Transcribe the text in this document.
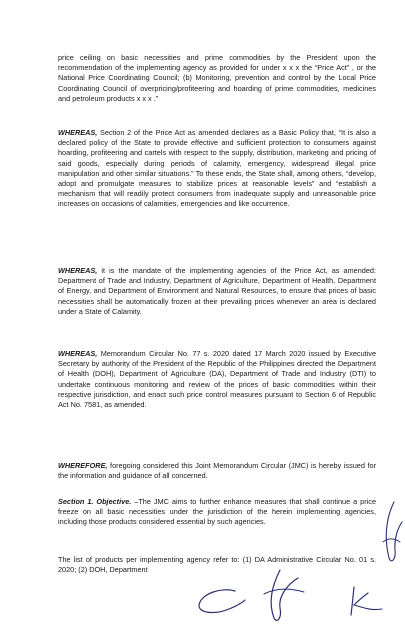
price ceiling on basic necessities and prime commodities by the President upon the recommendation of the implementing agency as provided for under x x x the “Price Act” , or the National Price Coordinating Council; (b) Monitoring, prevention and control by the Local Price Coordinating Council of overpricing/profiteering and hoarding of prime commodities, medicines and petroleum products x x x .”

WHEREAS, Section 2 of the Price Act as amended declares as a Basic Policy that, “It is also a declared policy of the State to provide effective and sufficient protection to consumers against hoarding, profiteering and cartels with respect to the supply, distribution, marketing and pricing of said goods, especially during periods of calamity, emergency, widespread illegal price manipulation and other similar situations.” To these ends, the State shall, among others, “develop, adopt and promulgate measures to stabilize prices at reasonable levels” and “establish a mechanism that will readily protect consumers from inadequate supply and unreasonable price increases on occasions of calamities, emergencies and like occurrence.

WHEREAS, it is the mandate of the implementing agencies of the Price Act, as amended: Department of Trade and Industry, Department of Agriculture, Department of Health, Department of Energy, and Department of Environment and Natural Resources, to ensure that prices of basic necessities shall be automatically frozen at their prevailing prices whenever an area is declared under a State of Calamity.

WHEREAS, Memorandum Circular No. 77 s. 2020 dated 17 March 2020 issued by Executive Secretary by authority of the President of the Republic of the Philippines directed the Department of Health (DOH), Department of Agriculture (DA), Department of Trade and Industry (DTI) to undertake continuous monitoring and review of the prices of basic commodities within their respective jurisdiction, and enact such price control measures pursuant to Section 6 of Republic Act No. 7581, as amended.

WHEREFORE, foregoing considered this Joint Memorandum Circular (JMC) is hereby issued for the information and guidance of all concerned.

Section 1. Objective. –The JMC aims to further enhance measures that shall continue a price freeze on all basic necessities under the jurisdiction of the herein implementing agencies, including those products considered essential by such agencies.

The list of products per implementing agency refer to: (1) DA Administrative Circular No. 01 s. 2020; (2) DOH, Department
